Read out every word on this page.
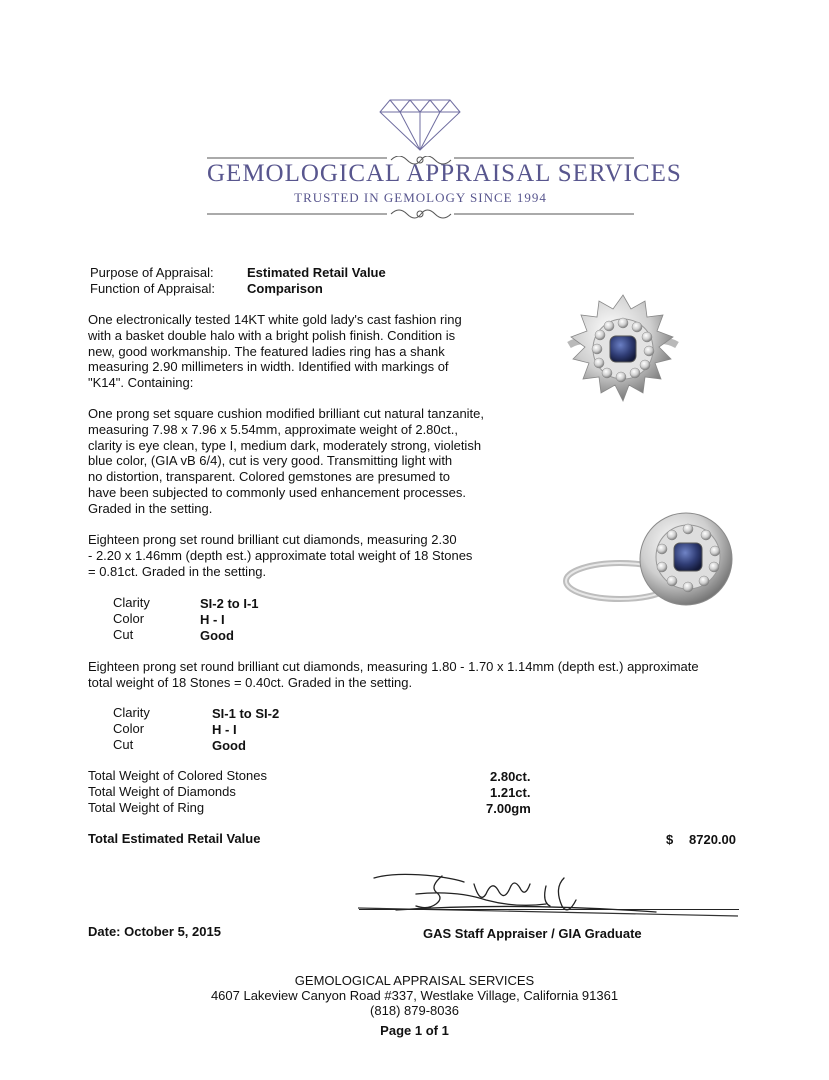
GEMOLOGICAL APPRAISAL SERVICES
TRUSTED IN GEMOLOGY SINCE 1994
Purpose of Appraisal:	Estimated Retail Value
Function of Appraisal: Comparison
One electronically tested 14KT white gold lady's cast fashion ring
with a basket double halo with a bright polish finish. Condition is
new, good workmanship. The featured ladies ring has a shank
measuring 2.90 millimeters in width. Identified with markings of
"K14". Containing:
One prong set square cushion modified brilliant cut natural tanzanite,
measuring 7.98 x 7.96 x 5.54mm, approximate weight of 2.80ct.,
clarity is eye clean, type I, medium dark, moderately strong, violetish
blue color, (GIA vB 6/4), cut is very good. Transmitting light with
no distortion, transparent. Colored gemstones are presumed to
have been subjected to commonly used enhancement processes.
Graded in the setting.
Eighteen prong set round brilliant cut diamonds, measuring 2.30
- 2.20 x 1.46mm (depth est.) approximate total weight of 18 Stones
= 0.81ct. Graded in the setting.
Clarity	SI-2 to I-1
Color	H - I
Cut	Good
Eighteen prong set round brilliant cut diamonds, measuring 1.80 - 1.70 x 1.14mm (depth est.) approximate
total weight of 18 Stones = 0.40ct. Graded in the setting.
Clarity	SI-1 to SI-2
Color	H - I
Cut	Good
Total Weight of Colored Stones	2.80ct.
Total Weight of Diamonds	1.21ct.
Total Weight of Ring	7.00gm
Total Estimated Retail Value	$ 8720.00
Date: October 5, 2015	GAS Staff Appraiser / GIA Graduate
GEMOLOGICAL APPRAISAL SERVICES
4607 Lakeview Canyon Road #337, Westlake Village, California 91361
(818) 879-8036
Page 1 of 1
